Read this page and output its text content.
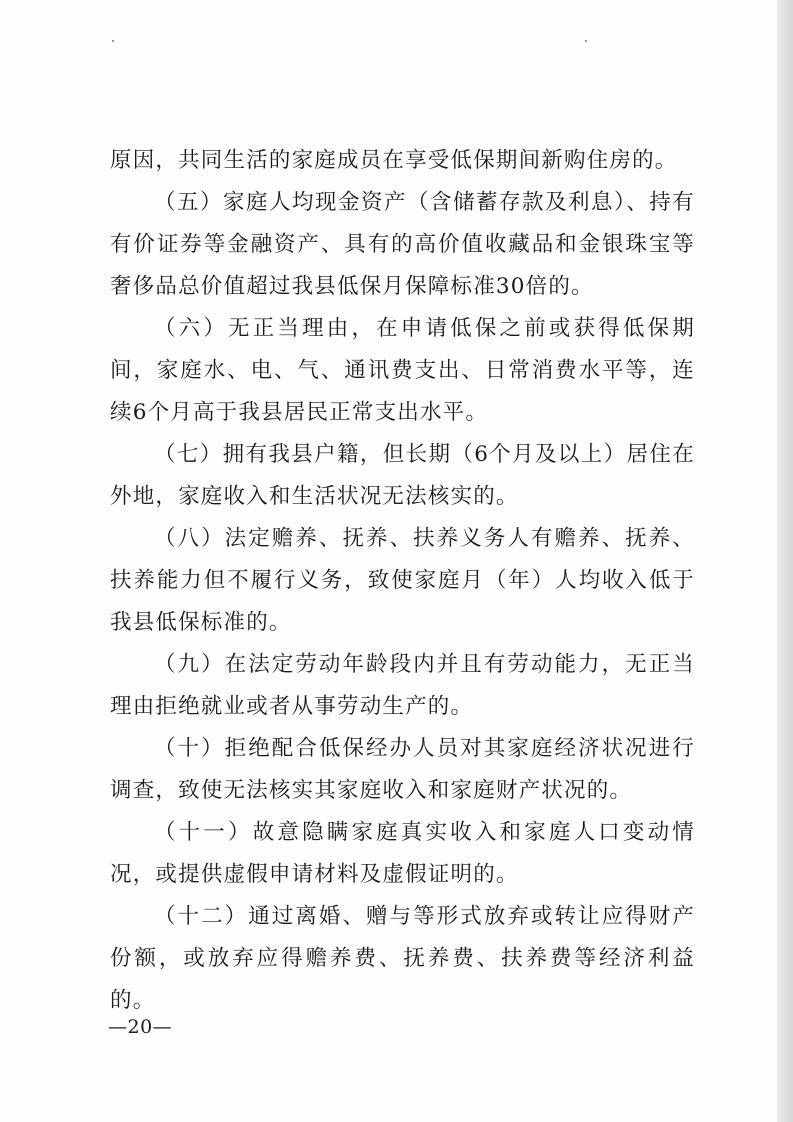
原因，共同生活的家庭成员在享受低保期间新购住房的。

（五）家庭人均现金资产（含储蓄存款及利息）、持有有价证券等金融资产、具有的高价值收藏品和金银珠宝等奢侈品总价值超过我县低保月保障标准30倍的。

（六）无正当理由，在申请低保之前或获得低保期间，家庭水、电、气、通讯费支出、日常消费水平等，连续6个月高于我县居民正常支出水平。

（七）拥有我县户籍，但长期（6个月及以上）居住在外地，家庭收入和生活状况无法核实的。

（八）法定赡养、抚养、扶养义务人有赡养、抚养、扶养能力但不履行义务，致使家庭月（年）人均收入低于我县低保标准的。

（九）在法定劳动年龄段内并且有劳动能力，无正当理由拒绝就业或者从事劳动生产的。

（十）拒绝配合低保经办人员对其家庭经济状况进行调查，致使无法核实其家庭收入和家庭财产状况的。

（十一）故意隐瞒家庭真实收入和家庭人口变动情况，或提供虚假申请材料及虚假证明的。

（十二）通过离婚、赠与等形式放弃或转让应得财产份额，或放弃应得赡养费、抚养费、扶养费等经济利益的。

—20—
